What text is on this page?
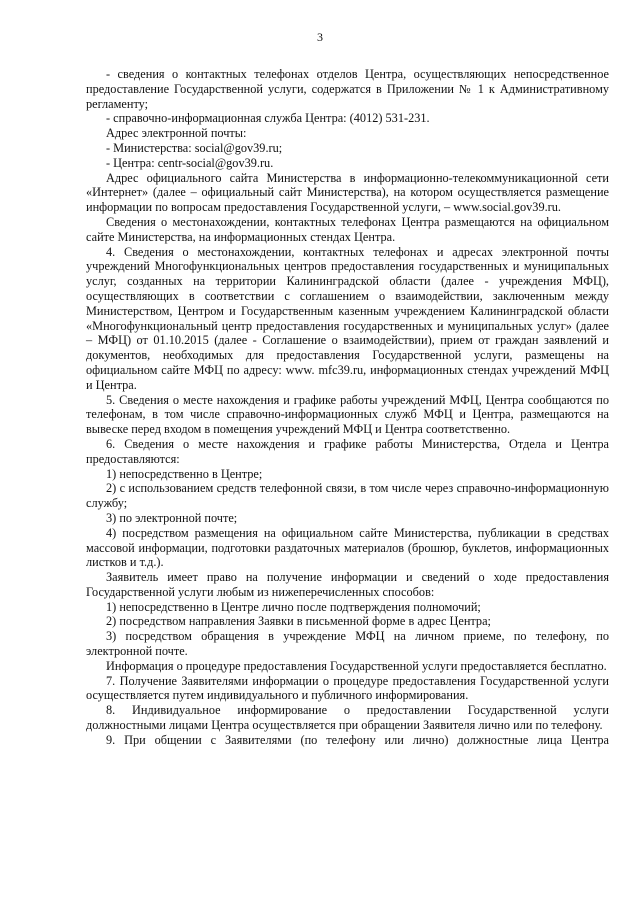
3

- сведения о контактных телефонах отделов Центра, осуществляющих непосредственное предоставление Государственной услуги, содержатся в Приложении № 1 к Административному регламенту;

- справочно-информационная служба Центра: (4012) 531-231.

Адрес электронной почты:

- Министерства: social@gov39.ru;

- Центра: centr-social@gov39.ru.

Адрес официального сайта Министерства в информационно-телекоммуникационной сети «Интернет» (далее – официальный сайт Министерства), на котором осуществляется размещение информации по вопросам предоставления Государственной услуги, – www.social.gov39.ru.

Сведения о местонахождении, контактных телефонах Центра размещаются на официальном сайте Министерства, на информационных стендах Центра.

4. Сведения о местонахождении, контактных телефонах и адресах электронной почты учреждений Многофункциональных центров предоставления государственных и муниципальных услуг, созданных на территории Калининградской области (далее - учреждения МФЦ), осуществляющих в соответствии с соглашением о взаимодействии, заключенным между Министерством, Центром и Государственным казенным учреждением Калининградской области «Многофункциональный центр предоставления государственных и муниципальных услуг» (далее – МФЦ) от 01.10.2015 (далее - Соглашение о взаимодействии), прием от граждан заявлений и документов, необходимых для предоставления Государственной услуги, размещены на официальном сайте МФЦ по адресу: www. mfc39.ru, информационных стендах учреждений МФЦ и Центра.

5. Сведения о месте нахождения и графике работы учреждений МФЦ, Центра сообщаются по телефонам, в том числе справочно-информационных служб МФЦ и Центра, размещаются на вывеске перед входом в помещения учреждений МФЦ и Центра соответственно.

6. Сведения о месте нахождения и графике работы Министерства, Отдела и Центра предоставляются:

1) непосредственно в Центре;

2) с использованием средств телефонной связи, в том числе через справочно-информационную службу;

3) по электронной почте;

4) посредством размещения на официальном сайте Министерства, публикации в средствах массовой информации, подготовки раздаточных материалов (брошюр, буклетов, информационных листков и т.д.).

Заявитель имеет право на получение информации и сведений о ходе предоставления Государственной услуги любым из нижеперечисленных способов:

1) непосредственно в Центре лично после подтверждения полномочий;

2) посредством направления Заявки в письменной форме в адрес Центра;

3) посредством обращения в учреждение МФЦ на личном приеме, по телефону, по электронной почте.

Информация о процедуре предоставления Государственной услуги предоставляется бесплатно.

7. Получение Заявителями информации о процедуре предоставления Государственной услуги осуществляется путем индивидуального и публичного информирования.

8. Индивидуальное информирование о предоставлении Государственной услуги должностными лицами Центра осуществляется при обращении Заявителя лично или по телефону.

9. При общении с Заявителями (по телефону или лично) должностные лица Центра
